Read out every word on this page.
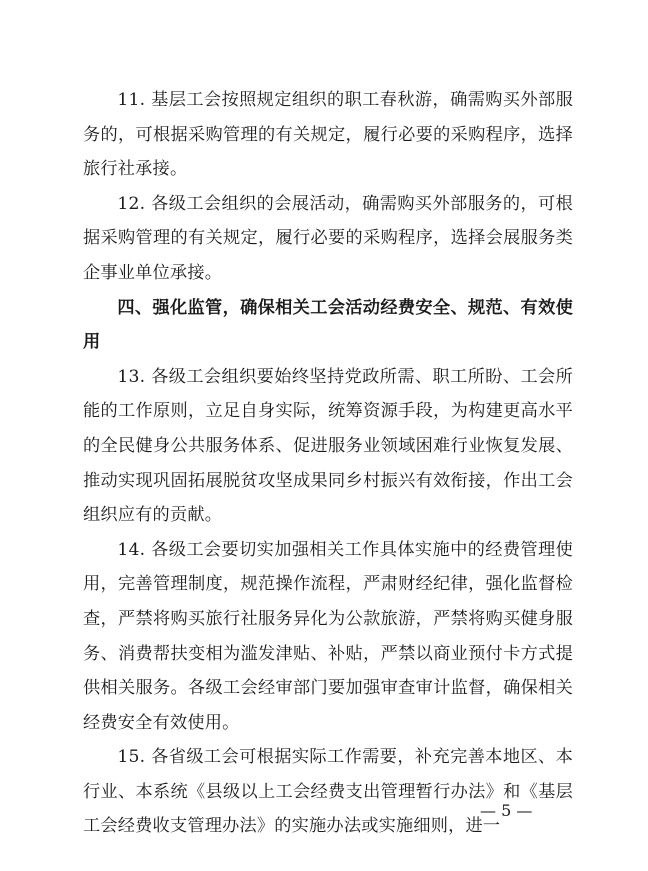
11. 基层工会按照规定组织的职工春秋游，确需购买外部服务的，可根据采购管理的有关规定，履行必要的采购程序，选择旅行社承接。

12. 各级工会组织的会展活动，确需购买外部服务的，可根据采购管理的有关规定，履行必要的采购程序，选择会展服务类企事业单位承接。

四、强化监管，确保相关工会活动经费安全、规范、有效使用

13. 各级工会组织要始终坚持党政所需、职工所盼、工会所能的工作原则，立足自身实际，统筹资源手段，为构建更高水平的全民健身公共服务体系、促进服务业领域困难行业恢复发展、推动实现巩固拓展脱贫攻坚成果同乡村振兴有效衔接，作出工会组织应有的贡献。

14. 各级工会要切实加强相关工作具体实施中的经费管理使用，完善管理制度，规范操作流程，严肃财经纪律，强化监督检查，严禁将购买旅行社服务异化为公款旅游，严禁将购买健身服务、消费帮扶变相为滥发津贴、补贴，严禁以商业预付卡方式提供相关服务。各级工会经审部门要加强审查审计监督，确保相关经费安全有效使用。

15. 各省级工会可根据实际工作需要，补充完善本地区、本行业、本系统《县级以上工会经费支出管理暂行办法》和《基层工会经费收支管理办法》的实施办法或实施细则，进一

— 5 —
